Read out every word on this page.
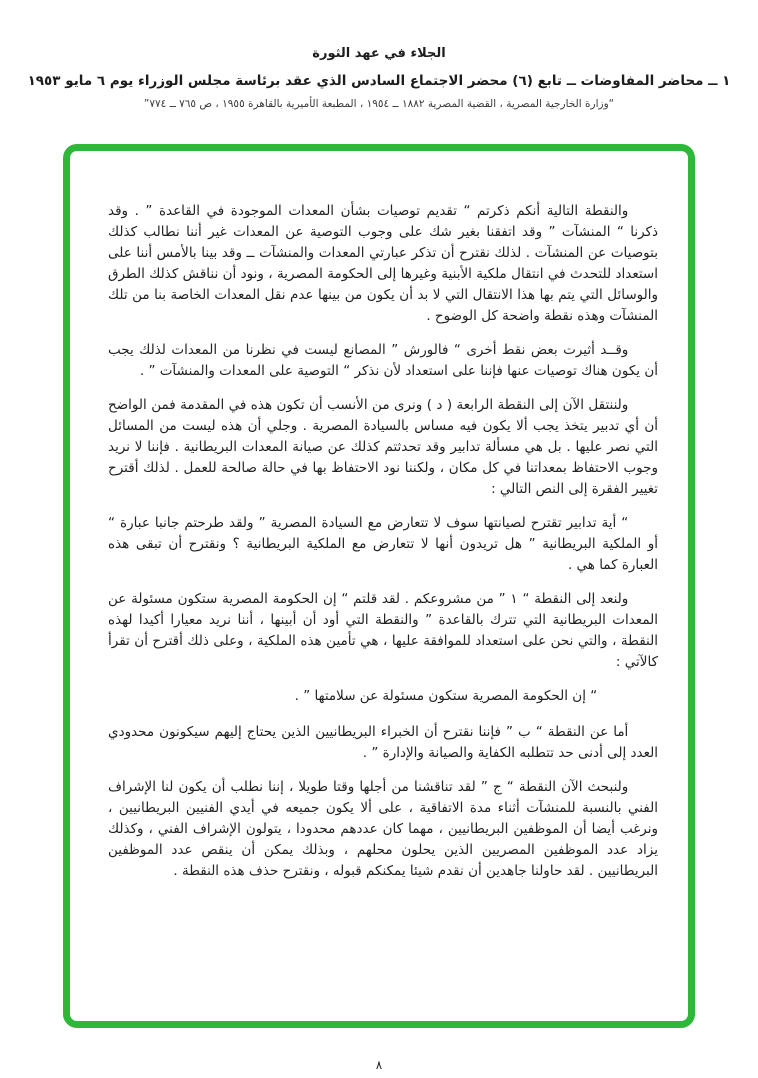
الجلاء في عهد الثورة
١ ــ محاضر المفاوضات ــ تابع (٦) محضر الاجتماع السادس الذي عقد برئاسة مجلس الوزراء يوم ٦ مايو ١٩٥٣
“وزارة الخارجية المصرية ، القضية المصرية ١٨٨٢ ــ ١٩٥٤ ، المطبعة الأميرية بالقاهرة ١٩٥٥ ، ص ٧٦٥ ــ ٧٧٤”

والنقطة التالية أنكم ذكرتم “ تقديم توصيات بشأن المعدات الموجودة في القاعدة ” . وقد ذكرنا “ المنشآت ” وقد اتفقنا بغير شك على وجوب التوصية عن المعدات غير أننا نطالب كذلك بتوصيات عن المنشآت . لذلك نقترح أن تذكر عبارتي المعدات والمنشآت ــ وقد بينا بالأمس أننا على استعداد للتحدث في انتقال ملكية الأبنية وغيرها إلى الحكومة المصرية ، ونود أن نناقش كذلك الطرق والوسائل التي يتم بها هذا الانتقال التي لا بد أن يكون من بينها عدم نقل المعدات الخاصة بنا من تلك المنشآت وهذه نقطة واضحة كل الوضوح .

وقــد أثيرت بعض نقط أخرى “ فالورش ” المصانع ليست في نظرنا من المعدات لذلك يجب أن يكون هناك توصيات عنها فإننا على استعداد لأن نذكر “ التوصية على المعدات والمنشآت ” .

ولننتقل الآن إلى النقطة الرابعة ( د ) ونرى من الأنسب أن تكون هذه في المقدمة فمن الواضح أن أي تدبير يتخذ يجب ألا يكون فيه مساس بالسيادة المصرية . وجلي أن هذه ليست من المسائل التي نصر عليها . بل هي مسألة تدابير وقد تحدثتم كذلك عن صيانة المعدات البريطانية . فإننا لا نريد وجوب الاحتفاظ بمعداتنا في كل مكان ، ولكننا نود الاحتفاظ بها في حالة صالحة للعمل . لذلك أقترح تغيير الفقرة إلى النص التالي :

“ أية تدابير تقترح لصيانتها سوف لا تتعارض مع السيادة المصرية ” ولقد طرحتم جانبا عبارة “ أو الملكية البريطانية ” هل تريدون أنها لا تتعارض مع الملكية البريطانية ؟ ونقترح أن تبقى هذه العبارة كما هي .

ولنعد إلى النقطة “ ١ ” من مشروعكم . لقد قلتم “ إن الحكومة المصرية ستكون مسئولة عن المعدات البريطانية التي تترك بالقاعدة ” والنقطة التي أود أن أبينها ، أننا نريد معيارا أكيدا لهذه النقطة ، والتي نحن على استعداد للموافقة عليها ، هي تأمين هذه الملكية ، وعلى ذلك أقترح أن تقرأ كالآتي :

“ إن الحكومة المصرية ستكون مسئولة عن سلامتها ” .

أما عن النقطة “ ب ” فإننا نقترح أن الخبراء البريطانيين الذين يحتاج إليهم سيكونون محدودي العدد إلى أدنى حد تتطلبه الكفاية والصيانة والإدارة ” .

ولنبحث الآن النقطة “ ج ” لقد تناقشنا من أجلها وقتا طويلا ، إننا نطلب أن يكون لنا الإشراف الفني بالنسبة للمنشآت أثناء مدة الاتفاقية ، على ألا يكون جميعه في أيدي الفنيين البريطانيين ، ونرغب أيضا أن الموظفين البريطانيين ، مهما كان عددهم محدودا ، يتولون الإشراف الفني ، وكذلك يزاد عدد الموظفين المصريين الذين يحلون محلهم ، وبذلك يمكن أن ينقص عدد الموظفين البريطانيين . لقد حاولنا جاهدين أن نقدم شيئا يمكنكم قبوله ، ونقترح حذف هذه النقطة .

٨
